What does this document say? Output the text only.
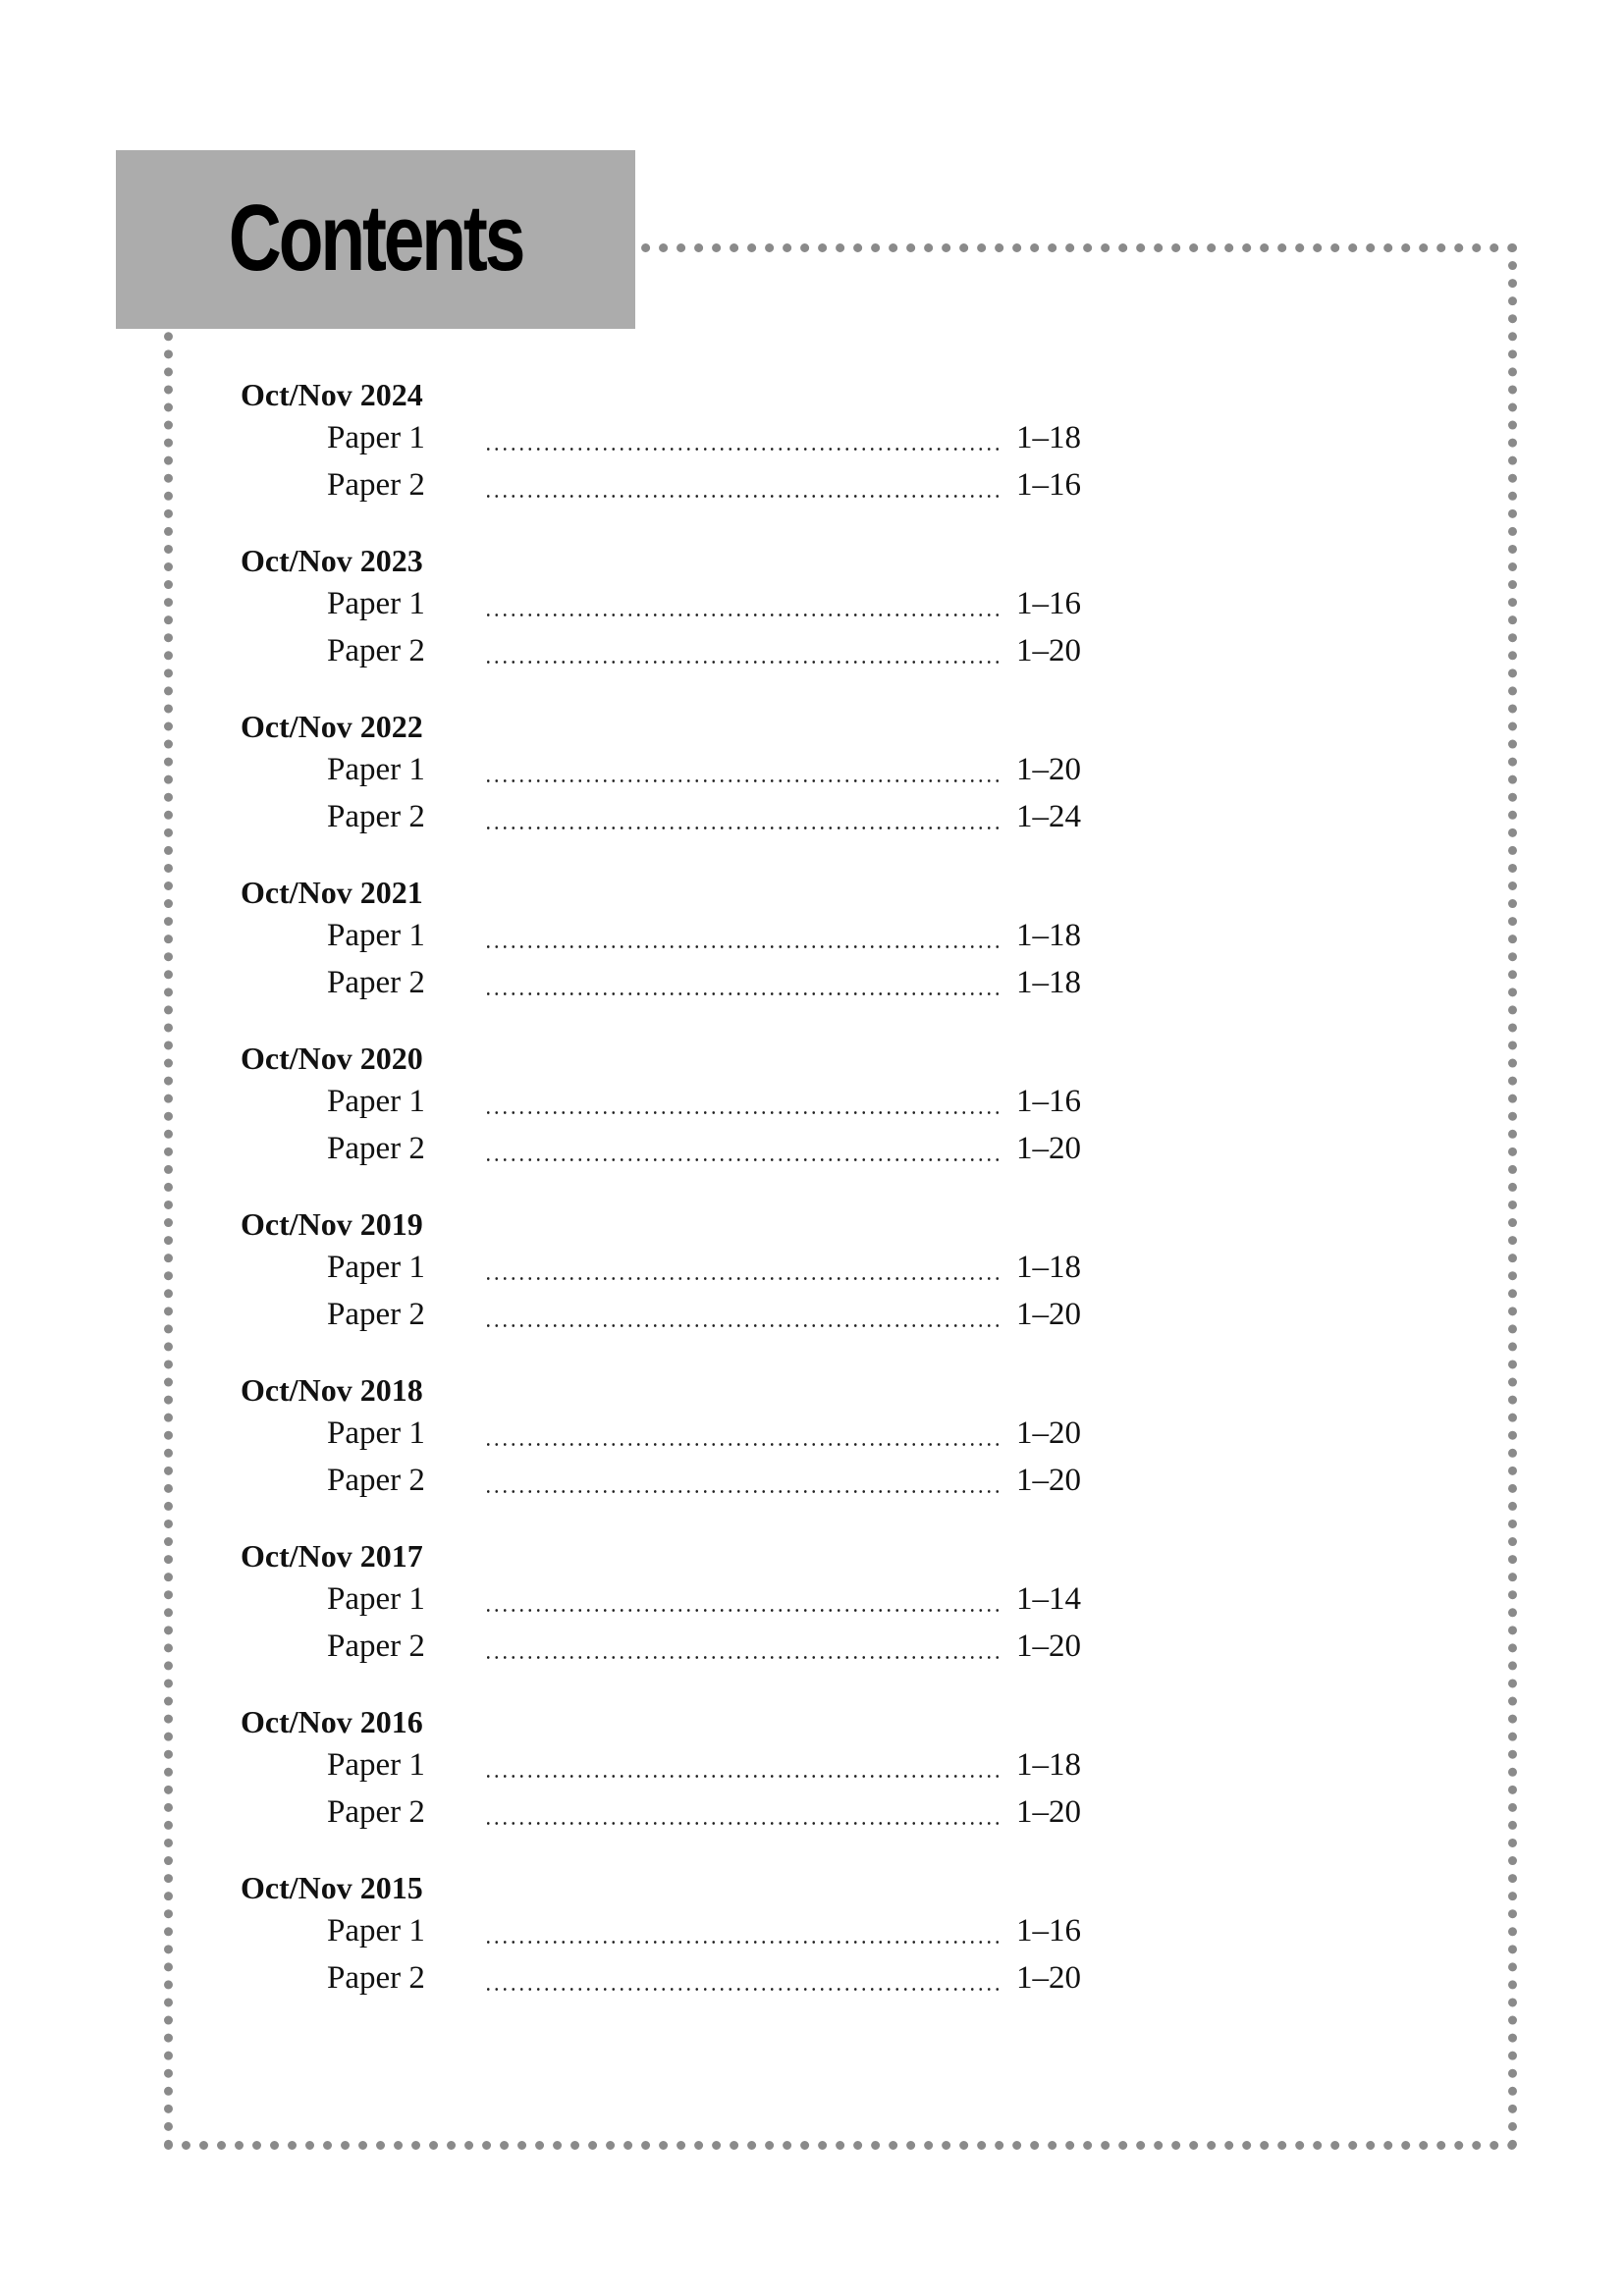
Contents
Oct/Nov 2024
Paper 1	1–18
Paper 2	1–16
Oct/Nov 2023
Paper 1	1–16
Paper 2	1–20
Oct/Nov 2022
Paper 1	1–20
Paper 2	1–24
Oct/Nov 2021
Paper 1	1–18
Paper 2	1–18
Oct/Nov 2020
Paper 1	1–16
Paper 2	1–20
Oct/Nov 2019
Paper 1	1–18
Paper 2	1–20
Oct/Nov 2018
Paper 1	1–20
Paper 2	1–20
Oct/Nov 2017
Paper 1	1–14
Paper 2	1–20
Oct/Nov 2016
Paper 1	1–18
Paper 2	1–20
Oct/Nov 2015
Paper 1	1–16
Paper 2	1–20
